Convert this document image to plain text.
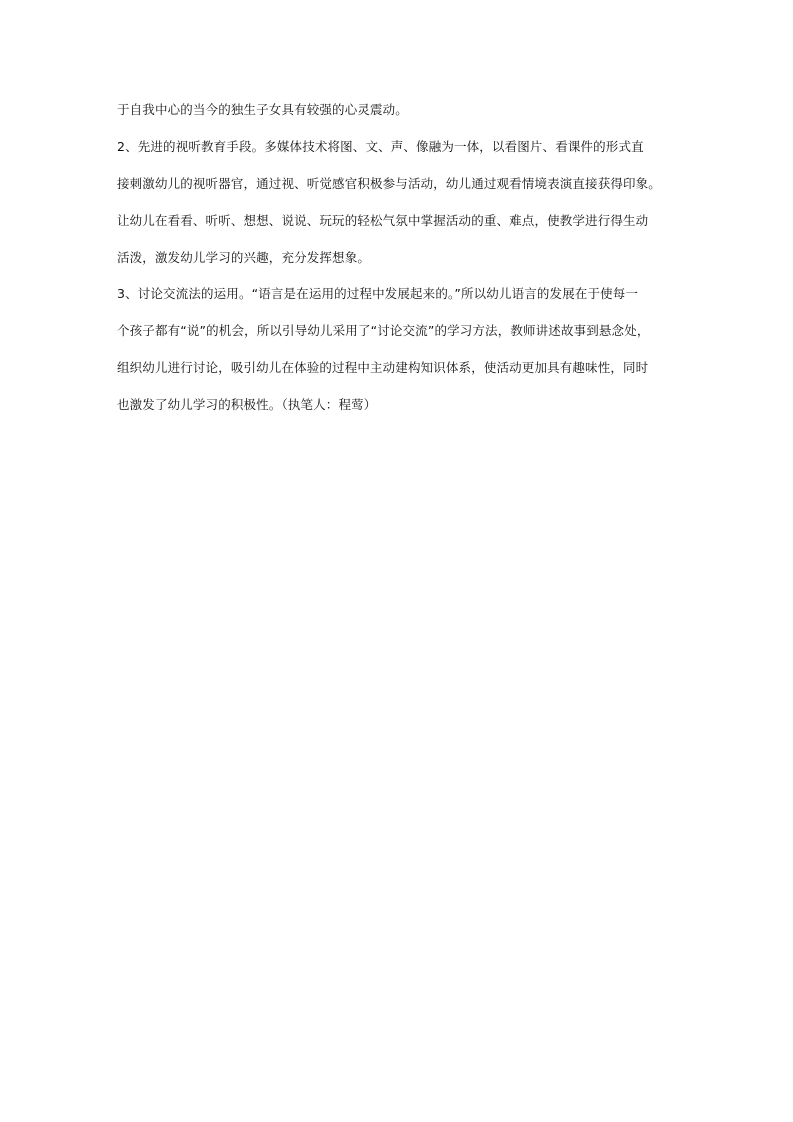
于自我中心的当今的独生子女具有较强的心灵震动。
2、先进的视听教育手段。多媒体技术将图、文、声、像融为一体，以看图片、看课件的形式直
接刺激幼儿的视听器官，通过视、听觉感官积极参与活动，幼儿通过观看情境表演直接获得印象。
让幼儿在看看、听听、想想、说说、玩玩的轻松气氛中掌握活动的重、难点，使教学进行得生动
活泼，激发幼儿学习的兴趣，充分发挥想象。
3、讨论交流法的运用。“语言是在运用的过程中发展起来的。”所以幼儿语言的发展在于使每一
个孩子都有“说”的机会，所以引导幼儿采用了“讨论交流”的学习方法，教师讲述故事到悬念处，
组织幼儿进行讨论，吸引幼儿在体验的过程中主动建构知识体系，使活动更加具有趣味性，同时
也激发了幼儿学习的积极性。（执笔人：程莺）
